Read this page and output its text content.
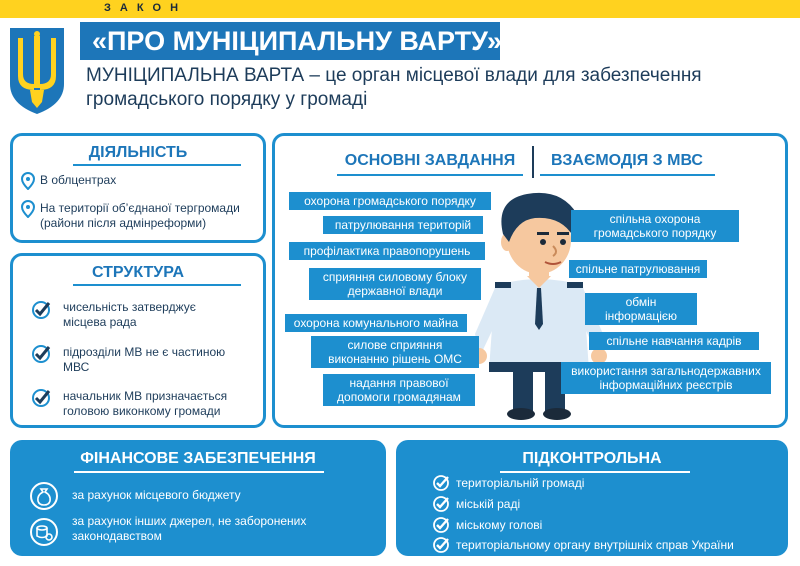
ЗАКОН
«ПРО МУНІЦИПАЛЬНУ ВАРТУ»
МУНІЦИПАЛЬНА ВАРТА – це орган місцевої влади для забезпечення громадського порядку у громаді
ДІЯЛЬНІСТЬ
В облцентрах
На території об’єднаної тергромади (райони після адмінреформи)
СТРУКТУРА
чисельність затверджує місцева рада
підрозділи МВ не є частиною МВС
начальник МВ призначається головою виконкому громади
ОСНОВНІ ЗАВДАННЯ	ВЗАЄМОДІЯ З МВС
охорона громадського порядку
патрулювання територій
профілактика правопорушень
сприяння силовому блоку державної влади
охорона комунального майна
силове сприяння виконанню рішень ОМС
надання правової допомоги громадянам
спільна охорона громадського порядку
спільне патрулювання
обмін інформацією
спільне навчання кадрів
використання загальнодержавних інформаційних реєстрів
ФІНАНСОВЕ ЗАБЕЗПЕЧЕННЯ
за рахунок місцевого бюджету
за рахунок інших джерел, не заборонених законодавством
ПІДКОНТРОЛЬНА
територіальній громаді
міській раді
міському голові
територіальному органу внутрішніх справ України
